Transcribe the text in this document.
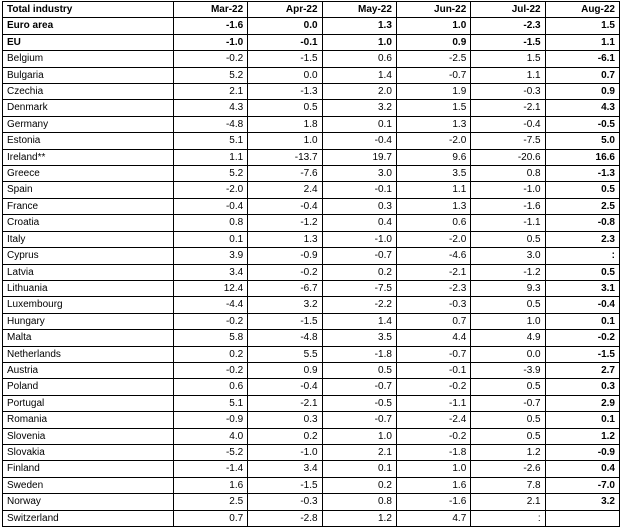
Total industry	Mar-22	Apr-22	May-22	Jun-22	Jul-22	Aug-22
Euro area	-1.6	0.0	1.3	1.0	-2.3	1.5
EU	-1.0	-0.1	1.0	0.9	-1.5	1.1
Belgium	-0.2	-1.5	0.6	-2.5	1.5	-6.1
Bulgaria	5.2	0.0	1.4	-0.7	1.1	0.7
Czechia	2.1	-1.3	2.0	1.9	-0.3	0.9
Denmark	4.3	0.5	3.2	1.5	-2.1	4.3
Germany	-4.8	1.8	0.1	1.3	-0.4	-0.5
Estonia	5.1	1.0	-0.4	-2.0	-7.5	5.0
Ireland**	1.1	-13.7	19.7	9.6	-20.6	16.6
Greece	5.2	-7.6	3.0	3.5	0.8	-1.3
Spain	-2.0	2.4	-0.1	1.1	-1.0	0.5
France	-0.4	-0.4	0.3	1.3	-1.6	2.5
Croatia	0.8	-1.2	0.4	0.6	-1.1	-0.8
Italy	0.1	1.3	-1.0	-2.0	0.5	2.3
Cyprus	3.9	-0.9	-0.7	-4.6	3.0	:
Latvia	3.4	-0.2	0.2	-2.1	-1.2	0.5
Lithuania	12.4	-6.7	-7.5	-2.3	9.3	3.1
Luxembourg	-4.4	3.2	-2.2	-0.3	0.5	-0.4
Hungary	-0.2	-1.5	1.4	0.7	1.0	0.1
Malta	5.8	-4.8	3.5	4.4	4.9	-0.2
Netherlands	0.2	5.5	-1.8	-0.7	0.0	-1.5
Austria	-0.2	0.9	0.5	-0.1	-3.9	2.7
Poland	0.6	-0.4	-0.7	-0.2	0.5	0.3
Portugal	5.1	-2.1	-0.5	-1.1	-0.7	2.9
Romania	-0.9	0.3	-0.7	-2.4	0.5	0.1
Slovenia	4.0	0.2	1.0	-0.2	0.5	1.2
Slovakia	-5.2	-1.0	2.1	-1.8	1.2	-0.9
Finland	-1.4	3.4	0.1	1.0	-2.6	0.4
Sweden	1.6	-1.5	0.2	1.6	7.8	-7.0
Norway	2.5	-0.3	0.8	-1.6	2.1	3.2
Switzerland	0.7	-2.8	1.2	4.7	:	
